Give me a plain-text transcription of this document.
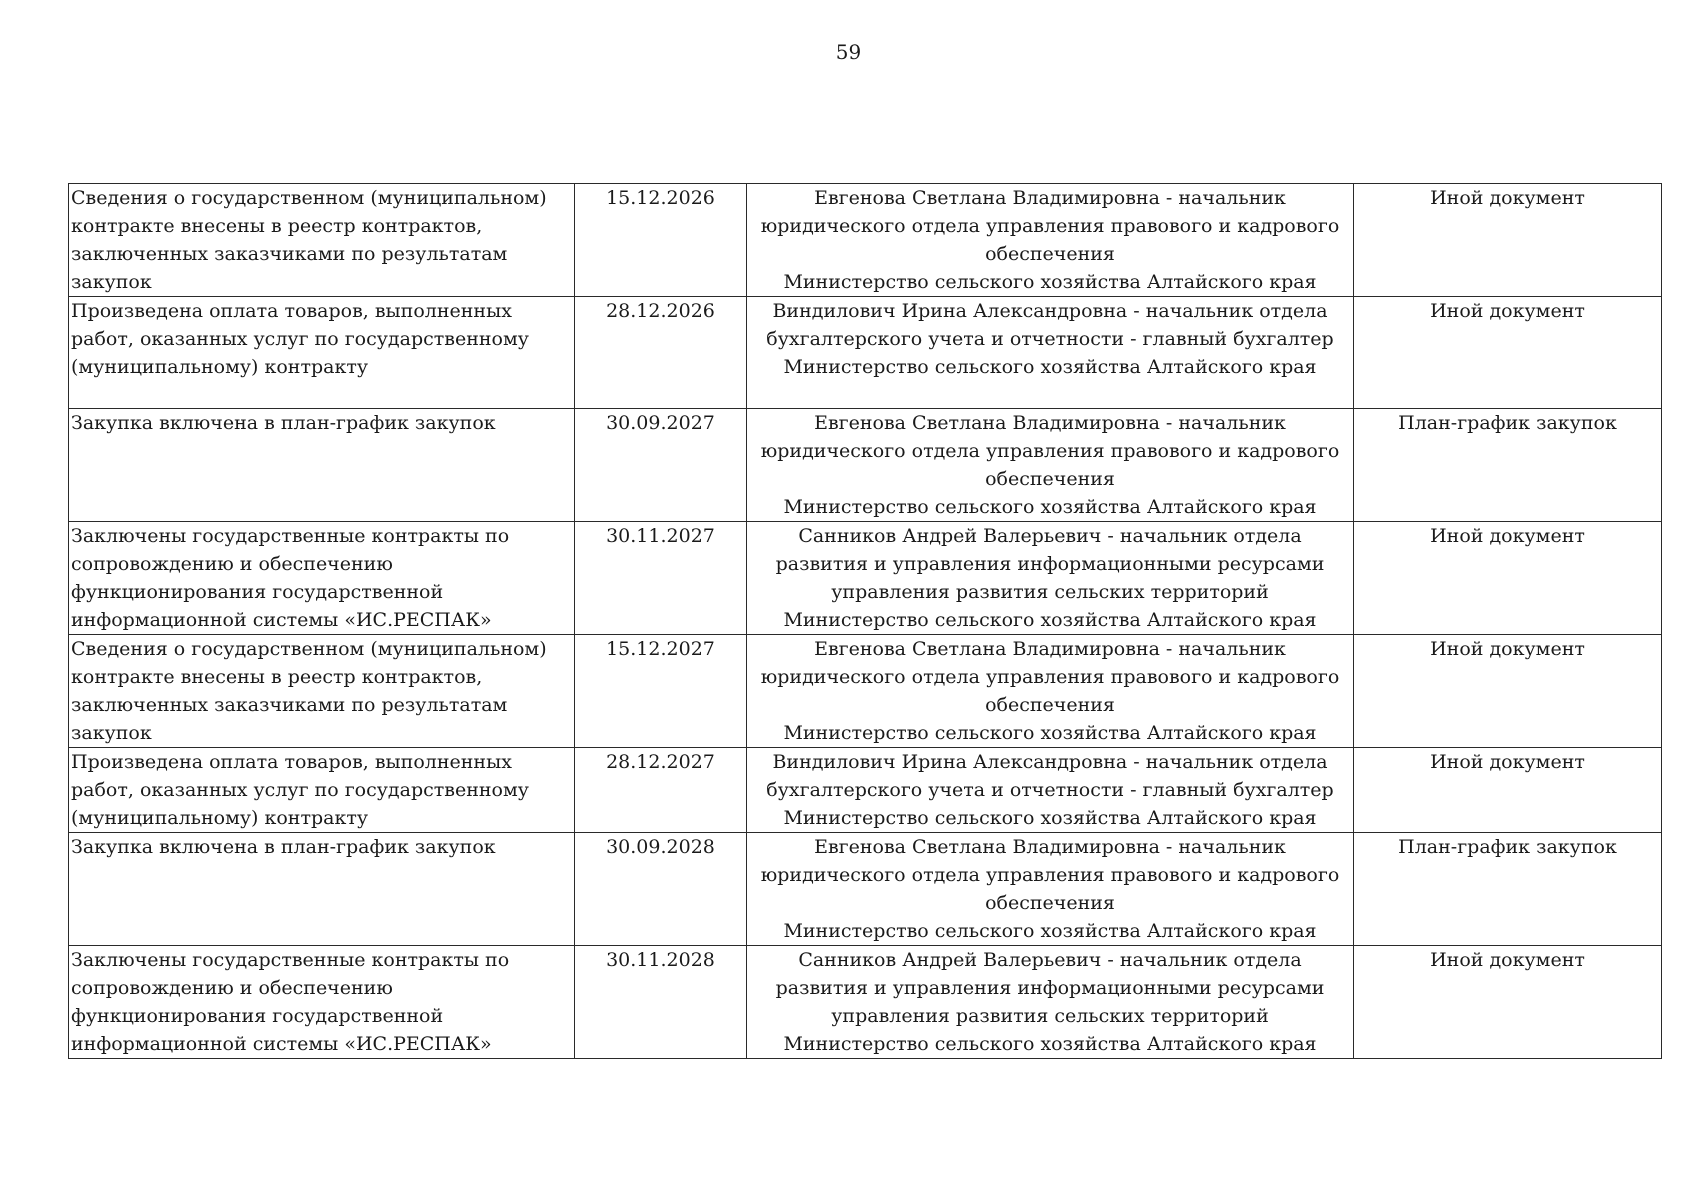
59
Сведения о государственном (муниципальном)
контракте внесены в реестр контрактов,
заключенных заказчиками по результатам
закупок	15.12.2026	Евгенова Светлана Владимировна - начальник
юридического отдела управления правового и кадрового
обеспечения
Министерство сельского хозяйства Алтайского края	Иной документ

Произведена оплата товаров, выполненных
работ, оказанных услуг по государственному
(муниципальному) контракту	28.12.2026	Виндилович Ирина Александровна - начальник отдела
бухгалтерского учета и отчетности - главный бухгалтер
Министерство сельского хозяйства Алтайского края	Иной документ

Закупка включена в план-график закупок	30.09.2027	Евгенова Светлана Владимировна - начальник
юридического отдела управления правового и кадрового
обеспечения
Министерство сельского хозяйства Алтайского края	План-график закупок

Заключены государственные контракты по
сопровождению и обеспечению
функционирования государственной
информационной системы «ИС.РЕСПАК»	30.11.2027	Санников Андрей Валерьевич - начальник отдела
развития и управления информационными ресурсами
управления развития сельских территорий
Министерство сельского хозяйства Алтайского края	Иной документ

Сведения о государственном (муниципальном)
контракте внесены в реестр контрактов,
заключенных заказчиками по результатам
закупок	15.12.2027	Евгенова Светлана Владимировна - начальник
юридического отдела управления правового и кадрового
обеспечения
Министерство сельского хозяйства Алтайского края	Иной документ

Произведена оплата товаров, выполненных
работ, оказанных услуг по государственному
(муниципальному) контракту	28.12.2027	Виндилович Ирина Александровна - начальник отдела
бухгалтерского учета и отчетности - главный бухгалтер
Министерство сельского хозяйства Алтайского края	Иной документ

Закупка включена в план-график закупок	30.09.2028	Евгенова Светлана Владимировна - начальник
юридического отдела управления правового и кадрового
обеспечения
Министерство сельского хозяйства Алтайского края	План-график закупок

Заключены государственные контракты по
сопровождению и обеспечению
функционирования государственной
информационной системы «ИС.РЕСПАК»	30.11.2028	Санников Андрей Валерьевич - начальник отдела
развития и управления информационными ресурсами
управления развития сельских территорий
Министерство сельского хозяйства Алтайского края	Иной документ
